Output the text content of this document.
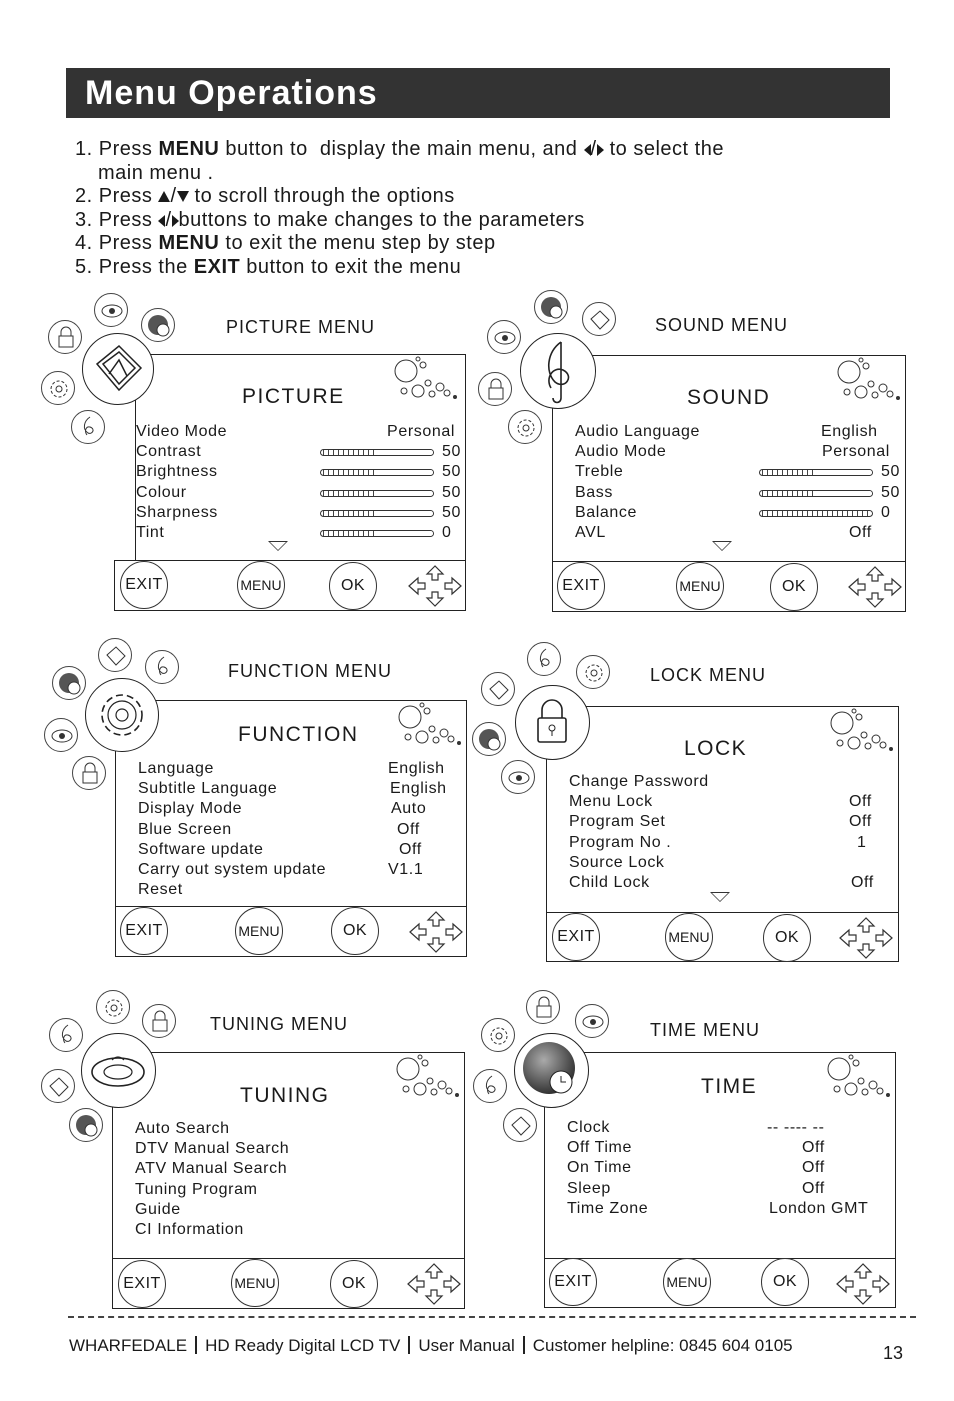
Menu Operations
1. Press MENU button to  display the main menu, and / to select the
main menu .
2. Press / to scroll through the options
3. Press / buttons to make changes to the parameters
4. Press MENU to exit the menu step by step
5. Press the EXIT button to exit the menu
PICTURE MENU
PICTURE
Video Mode	Personal
Contrast	50
Brightness	50
Colour	50
Sharpness	50
Tint	0
EXIT	MENU	OK
SOUND MENU
SOUND
Audio Language	English
Audio Mode	Personal
Treble	50
Bass	50
Balance	0
AVL	Off
EXIT	MENU	OK
FUNCTION MENU
FUNCTION
Language	English
Subtitle Language	English
Display Mode	Auto
Blue Screen	Off
Software update	Off
Carry out system update	V1.1
Reset
EXIT	MENU	OK
LOCK MENU
LOCK
Change Password
Menu Lock	Off
Program Set	Off
Program No .	1
Source Lock
Child Lock	Off
EXIT	MENU	OK
TUNING MENU
TUNING
Auto Search
DTV Manual Search
ATV Manual Search
Tuning Program
Guide
CI Information
EXIT	MENU	OK
TIME MENU
TIME
Clock	-- ---- --
Off Time	Off
On Time	Off
Sleep	Off
Time Zone	London GMT
EXIT	MENU	OK
WHARFEDALE HD Ready Digital LCD TV User Manual Customer helpline: 0845 604 0105	13
